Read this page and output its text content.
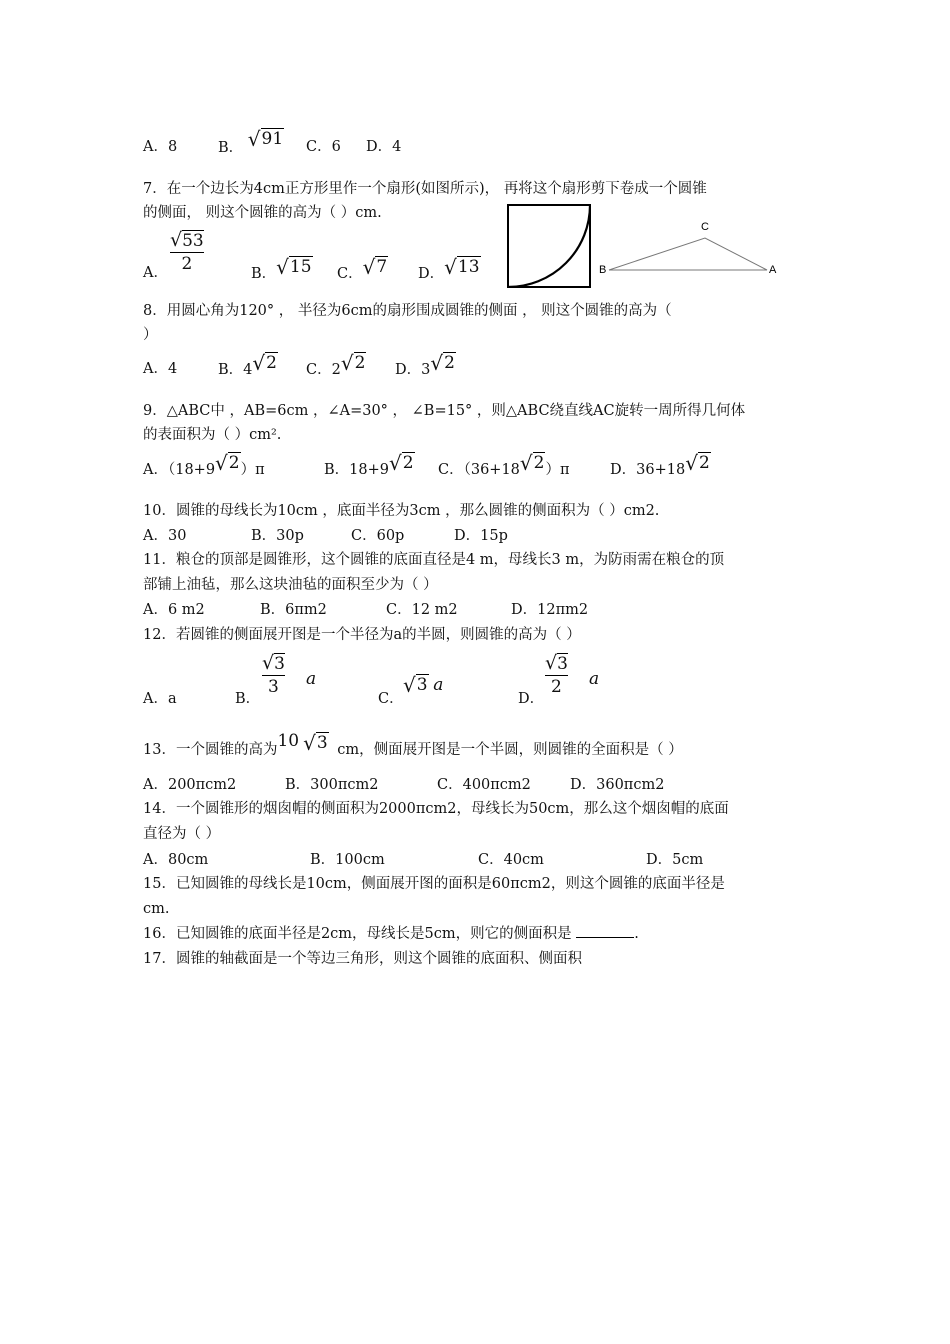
A．8	B． √91 C．6 D．4
7．在一个边长为4cm正方形里作一个扇形(如图所示)， 再将这个扇形剪下卷成一个圆锥
的侧面， 则这个圆锥的高为（ ）cm.
A． $\frac{√53}{2}$	B．√15 C．√7 D．√13
C
B	A
8．用圆心角为120° ， 半径为6cm的扇形围成圆锥的侧面 ， 则这个圆锥的高为（
）
A．4	B．4√2 C．2√2 D．3√2
9．△ABC中 ，AB=6cm ，∠A=30° ， ∠B=15° ，则△ABC绕直线AC旋转一周所得几何体
的表面积为（ ）cm².
A．（18+9√2）π	B．18+9√2 C．（36+18√2）π	D．36+18√2
10．圆锥的母线长为10cm ，底面半径为3cm ，那么圆锥的侧面积为（ ）cm2.
A．30	B．30p	C．60p	D．15p
11．粮仓的顶部是圆锥形，这个圆锥的底面直径是4 m，母线长3 m，为防雨需在粮仓的顶
部铺上油毡，那么这块油毡的面积至少为（ ）
A．6 m2	B．6πm2	C．12 m2	D．12πm2
12．若圆锥的侧面展开图是一个半径为a的半圆，则圆锥的高为（ ）
A．a	B．
$\frac{√3}{3}$ a
C．
√3 a
D．
$\frac{√3}{2}$ a
13．一个圆锥的高为10 √3 cm，侧面展开图是一个半圆，则圆锥的全面积是（ ）
A．200πcm2	B．300πcm2	C．400πcm2	D．360πcm2
14．一个圆锥形的烟囱帽的侧面积为2000πcm2，母线长为50cm，那么这个烟囱帽的底面
直径为（ ）
A．80cm	B．100cm	C．40cm	D．5cm
15．已知圆锥的母线长是10cm，侧面展开图的面积是60πcm2，则这个圆锥的底面半径是
cm.
16．已知圆锥的底面半径是2cm，母线长是5cm，则它的侧面积是	.
17．圆锥的轴截面是一个等边三角形，则这个圆锥的底面积、侧面积
